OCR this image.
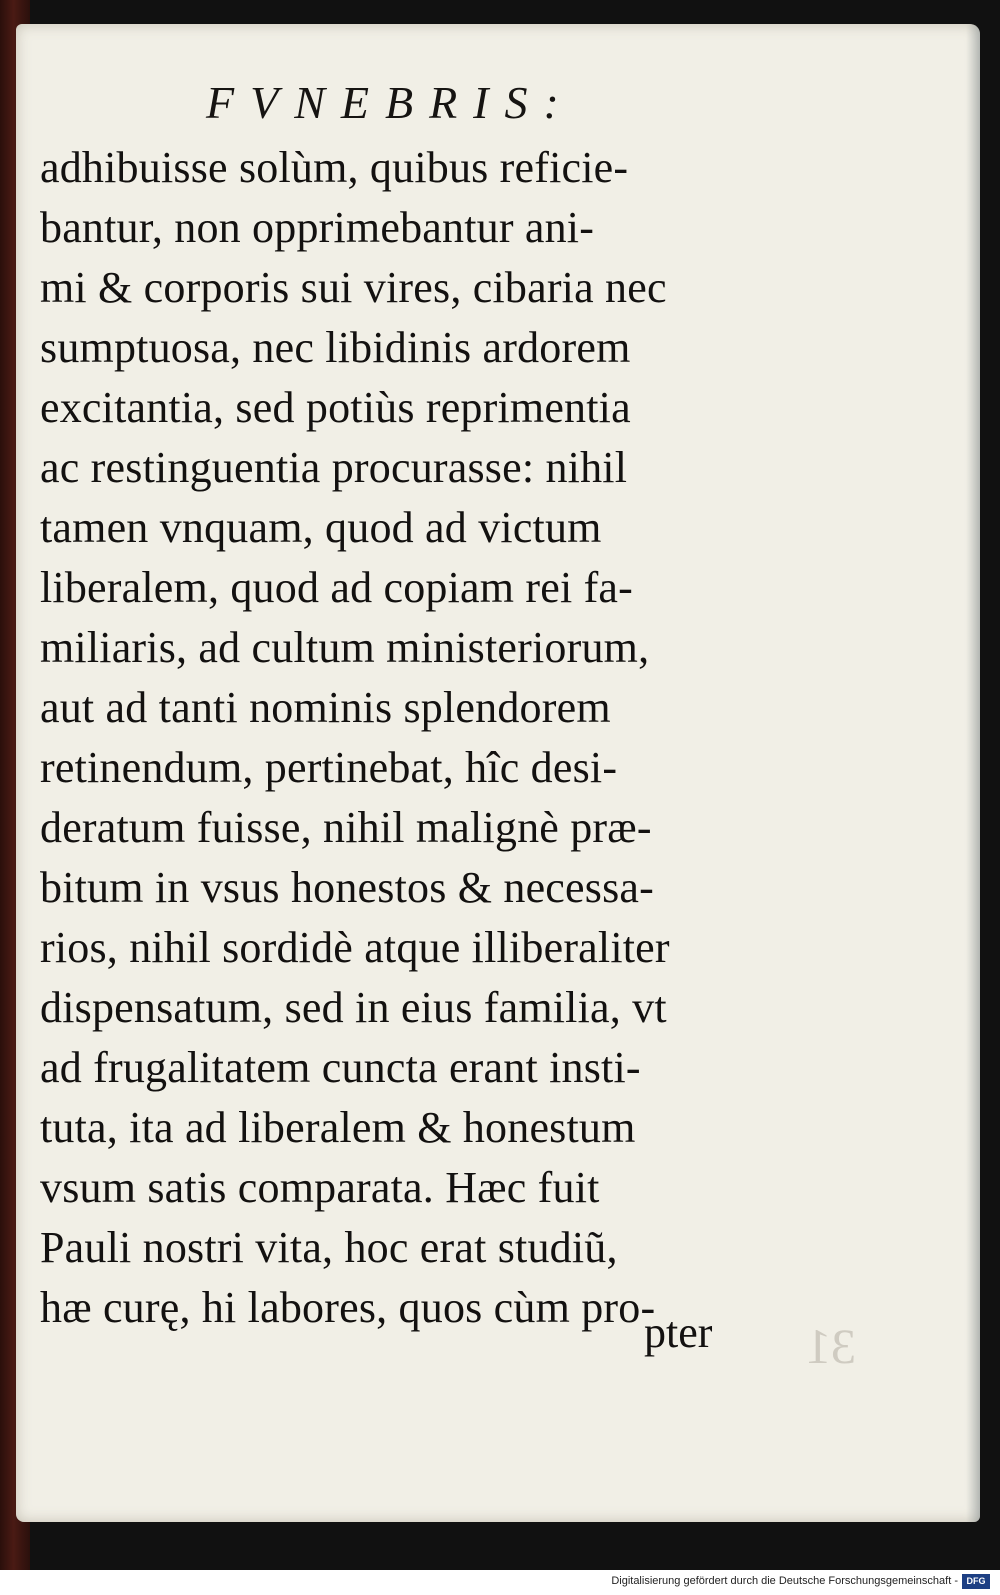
FVNEBRIS:
adhibuisse solùm, quibus reficie-
bantur, non opprimebantur ani-
mi & corporis sui vires, cibaria nec
sumptuosa, nec libidinis ardorem
excitantia, sed potiùs reprimentia
ac restinguentia procurasse: nihil
tamen vnquam, quod ad victum
liberalem, quod ad copiam rei fa-
miliaris, ad cultum ministeriorum,
aut ad tanti nominis splendorem
retinendum, pertinebat, hîc desi-
deratum fuisse, nihil malignè præ-
bitum in vsus honestos & necessa-
rios, nihil sordidè atque illiberaliter
dispensatum, sed in eius familia, vt
ad frugalitatem cuncta erant insti-
tuta, ita ad liberalem & honestum
vsum satis comparata. Hæc fuit
Pauli nostri vita, hoc erat studiũ,
hæ curę, hi labores, quos cùm pro-
pter 31
Digitalisierung gefördert durch die Deutsche Forschungsgemeinschaft - DFG
